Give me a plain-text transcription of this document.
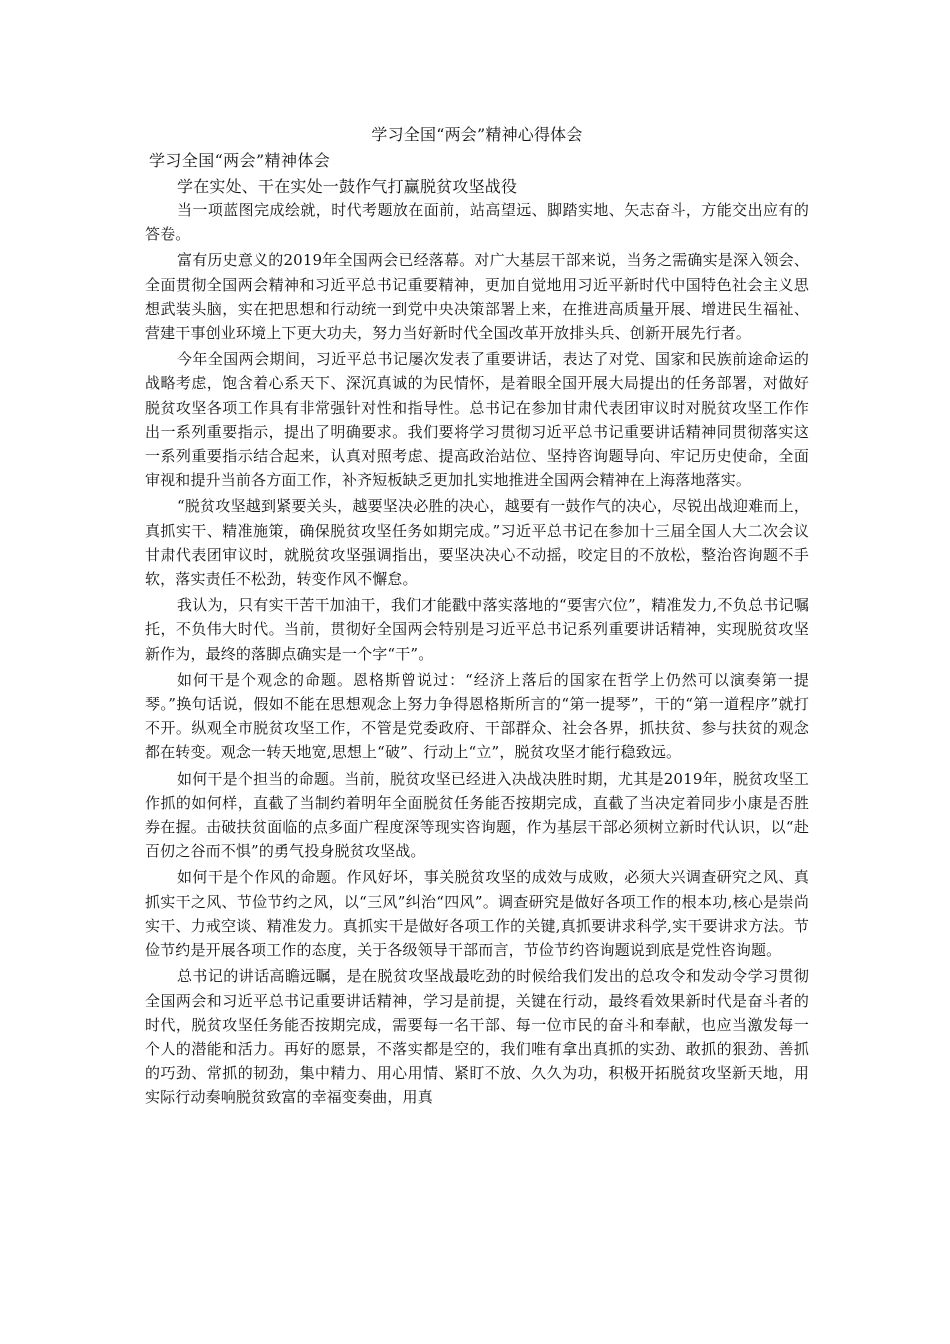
学习全国“两会”精神心得体会

学习全国“两会”精神体会

学在实处、干在实处一鼓作气打赢脱贫攻坚战役

当一项蓝图完成绘就，时代考题放在面前，站高望远、脚踏实地、矢志奋斗，方能交出应有的答卷。

富有历史意义的2019年全国两会已经落幕。对广大基层干部来说，当务之需确实是深入领会、全面贯彻全国两会精神和习近平总书记重要精神，更加自觉地用习近平新时代中国特色社会主义思想武装头脑，实在把思想和行动统一到党中央决策部署上来，在推进高质量开展、增进民生福祉、营建干事创业环境上下更大功夫，努力当好新时代全国改革开放排头兵、创新开展先行者。

今年全国两会期间，习近平总书记屡次发表了重要讲话，表达了对党、国家和民族前途命运的战略考虑，饱含着心系天下、深沉真诚的为民情怀，是着眼全国开展大局提出的任务部署，对做好脱贫攻坚各项工作具有非常强针对性和指导性。总书记在参加甘肃代表团审议时对脱贫攻坚工作作出一系列重要指示，提出了明确要求。我们要将学习贯彻习近平总书记重要讲话精神同贯彻落实这一系列重要指示结合起来，认真对照考虑、提高政治站位、坚持咨询题导向、牢记历史使命，全面审视和提升当前各方面工作，补齐短板缺乏更加扎实地推进全国两会精神在上海落地落实。

“脱贫攻坚越到紧要关头，越要坚决必胜的决心，越要有一鼓作气的决心，尽锐出战迎难而上，真抓实干、精准施策，确保脱贫攻坚任务如期完成。”习近平总书记在参加十三届全国人大二次会议甘肃代表团审议时，就脱贫攻坚强调指出，要坚决决心不动摇，咬定目的不放松，整治咨询题不手软，落实责任不松劲，转变作风不懈怠。

我认为，只有实干苦干加油干，我们才能戳中落实落地的“要害穴位”，精准发力,不负总书记嘱托，不负伟大时代。当前，贯彻好全国两会特别是习近平总书记系列重要讲话精神，实现脱贫攻坚新作为，最终的落脚点确实是一个字“干”。

如何干是个观念的命题。恩格斯曾说过：“经济上落后的国家在哲学上仍然可以演奏第一提琴。”换句话说，假如不能在思想观念上努力争得恩格斯所言的“第一提琴”，干的“第一道程序”就打不开。纵观全市脱贫攻坚工作，不管是党委政府、干部群众、社会各界，抓扶贫、参与扶贫的观念都在转变。观念一转天地宽,思想上“破”、行动上“立”，脱贫攻坚才能行稳致远。

如何干是个担当的命题。当前，脱贫攻坚已经进入决战决胜时期，尤其是2019年，脱贫攻坚工作抓的如何样，直截了当制约着明年全面脱贫任务能否按期完成，直截了当决定着同步小康是否胜券在握。击破扶贫面临的点多面广程度深等现实咨询题，作为基层干部必须树立新时代认识，以“赴百仞之谷而不惧”的勇气投身脱贫攻坚战。

如何干是个作风的命题。作风好坏，事关脱贫攻坚的成效与成败，必须大兴调查研究之风、真抓实干之风、节俭节约之风，以“三风”纠治“四风”。调查研究是做好各项工作的根本功,核心是崇尚实干、力戒空谈、精准发力。真抓实干是做好各项工作的关键,真抓要讲求科学,实干要讲求方法。节俭节约是开展各项工作的态度，关于各级领导干部而言，节俭节约咨询题说到底是党性咨询题。

总书记的讲话高瞻远瞩，是在脱贫攻坚战最吃劲的时候给我们发出的总攻令和发动令学习贯彻全国两会和习近平总书记重要讲话精神，学习是前提，关键在行动，最终看效果新时代是奋斗者的时代，脱贫攻坚任务能否按期完成，需要每一名干部、每一位市民的奋斗和奉献，也应当激发每一个人的潜能和活力。再好的愿景，不落实都是空的，我们唯有拿出真抓的实劲、敢抓的狠劲、善抓的巧劲、常抓的韧劲，集中精力、用心用情、紧盯不放、久久为功，积极开拓脱贫攻坚新天地，用实际行动奏响脱贫致富的幸福变奏曲，用真
